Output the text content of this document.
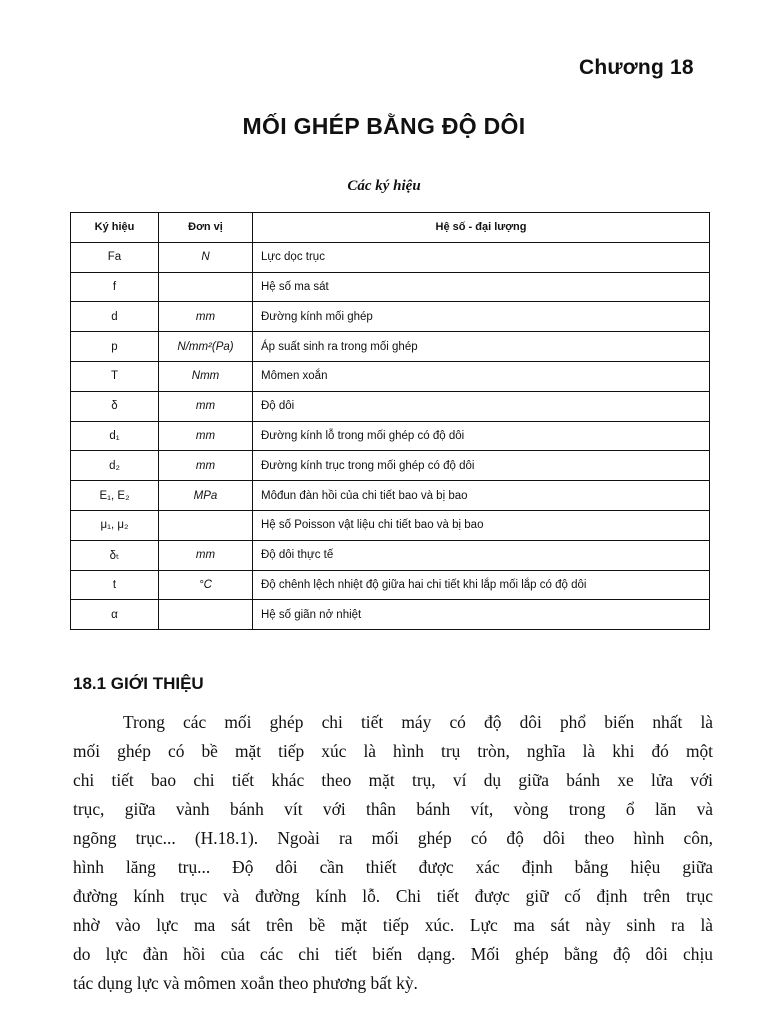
Chương 18
MỐI GHÉP BẰNG ĐỘ DÔI
Các ký hiệu
Ký hiệu	Đơn vị	Hệ số - đại lượng
Fa	N	Lực dọc trục
f		Hệ số ma sát
d	mm	Đường kính mối ghép
p	N/mm²(Pa)	Áp suất sinh ra trong mối ghép
T	Nmm	Mômen xoắn
δ	mm	Độ dôi
d₁	mm	Đường kính lỗ trong mối ghép có độ dôi
d₂	mm	Đường kính trục trong mối ghép có độ dôi
E₁, E₂	MPa	Môđun đàn hồi của chi tiết bao và bị bao
μ₁, μ₂		Hệ số Poisson vật liệu chi tiết bao và bị bao
δₜ	mm	Độ dôi thực tế
t	°C	Độ chênh lệch nhiệt độ giữa hai chi tiết khi lắp mối lắp có độ dôi
α		Hệ số giãn nở nhiệt
18.1 GIỚI THIỆU
Trong các mối ghép chi tiết máy có độ dôi phổ biến nhất là
mối ghép có bề mặt tiếp xúc là hình trụ tròn, nghĩa là khi đó một
chi tiết bao chi tiết khác theo mặt trụ, ví dụ giữa bánh xe lửa với
trục, giữa vành bánh vít với thân bánh vít, vòng trong ổ lăn và
ngõng trục... (H.18.1). Ngoài ra mối ghép có độ dôi theo hình côn,
hình lăng trụ... Độ dôi cần thiết được xác định bằng hiệu giữa
đường kính trục và đường kính lỗ. Chi tiết được giữ cố định trên trục
nhờ vào lực ma sát trên bề mặt tiếp xúc. Lực ma sát này sinh ra là
do lực đàn hồi của các chi tiết biến dạng. Mối ghép bằng độ dôi chịu
tác dụng lực và mômen xoắn theo phương bất kỳ.
